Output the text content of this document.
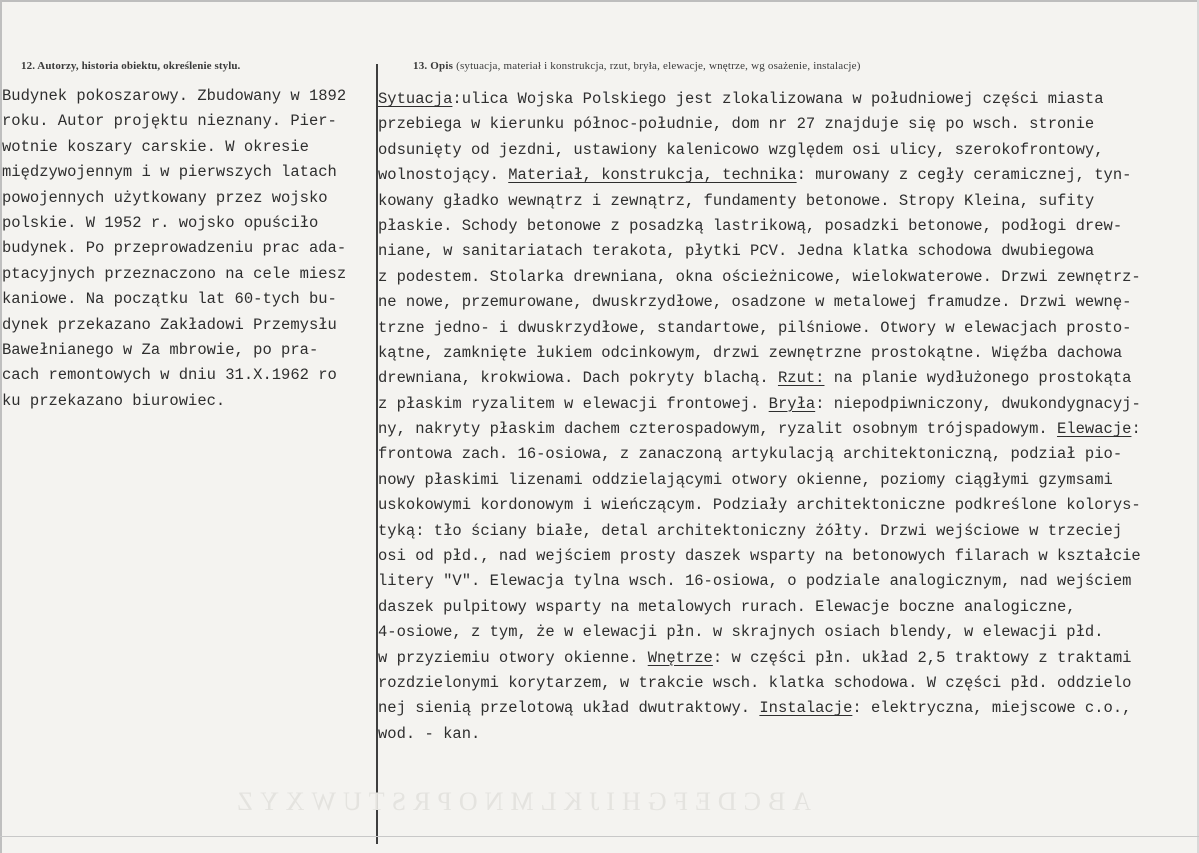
12. Autorzy, historia obiektu, określenie stylu.	13. Opis (sytuacja, materiał i konstrukcja, rzut, bryła, elewacje, wnętrze, wg osażenie, instalacje)
Budynek pokoszarowy. Zbudowany w 1892
roku. Autor projęktu nieznany. Pier-
wotnie koszary carskie. W okresie
międzywojennym i w pierwszych latach
powojennych użytkowany przez wojsko
polskie. W 1952 r. wojsko opuściło
budynek. Po przeprowadzeniu prac ada-
ptacyjnych przeznaczono na cele miesz
kaniowe. Na początku lat 60-tych bu-
dynek przekazano Zakładowi Przemysłu
Bawełnianego w Za mbrowie, po pra-
cach remontowych w dniu 31.X.1962 ro
ku przekazano biurowiec.
Sytuacja:ulica Wojska Polskiego jest zlokalizowana w południowej części miasta
przebiega w kierunku północ-południe, dom nr 27 znajduje się po wsch. stronie
odsunięty od jezdni, ustawiony kalenicowo względem osi ulicy, szerokofrontowy,
wolnostojący. Materiał, konstrukcja, technika: murowany z cegły ceramicznej, tyn-
kowany gładko wewnątrz i zewnątrz, fundamenty betonowe. Stropy Kleina, sufity
płaskie. Schody betonowe z posadzką lastrikową, posadzki betonowe, podłogi drew-
niane, w sanitariatach terakota, płytki PCV. Jedna klatka schodowa dwubiegowa
z podestem. Stolarka drewniana, okna ościeżnicowe, wielokwaterowe. Drzwi zewnętrz-
ne nowe, przemurowane, dwuskrzydłowe, osadzone w metalowej framudze. Drzwi wewnę-
trzne jedno- i dwuskrzydłowe, standartowe, pilśniowe. Otwory w elewacjach prosto-
kątne, zamknięte łukiem odcinkowym, drzwi zewnętrzne prostokątne. Więźba dachowa
drewniana, krokwiowa. Dach pokryty blachą. Rzut: na planie wydłużonego prostokąta
z płaskim ryzalitem w elewacji frontowej. Bryła: niepodpiwniczony, dwukondygnacyj-
ny, nakryty płaskim dachem czterospadowym, ryzalit osobnym trójspadowym. Elewacje:
frontowa zach. 16-osiowa, z zanaczoną artykulacją architektoniczną, podział pio-
nowy płaskimi lizenami oddzielającymi otwory okienne, poziomy ciągłymi gzymsami
uskokowymi kordonowym i wieńczącym. Podziały architektoniczne podkreślone kolorys-
tyką: tło ściany białe, detal architektoniczny żółty. Drzwi wejściowe w trzeciej
osi od płd., nad wejściem prosty daszek wsparty na betonowych filarach w kształcie
litery "V". Elewacja tylna wsch. 16-osiowa, o podziale analogicznym, nad wejściem
daszek pulpitowy wsparty na metalowych rurach. Elewacje boczne analogiczne,
4-osiowe, z tym, że w elewacji płn. w skrajnych osiach blendy, w elewacji płd.
w przyziemiu otwory okienne. Wnętrze: w części płn. układ 2,5 traktowy z traktami
rozdzielonymi korytarzem, w trakcie wsch. klatka schodowa. W części płd. oddzielo
nej sienią przelotową układ dwutraktowy. Instalacje: elektryczna, miejscowe c.o.,
wod. - kan.
ABCDEFGHIJKLMNOPRSTUWXYZ
